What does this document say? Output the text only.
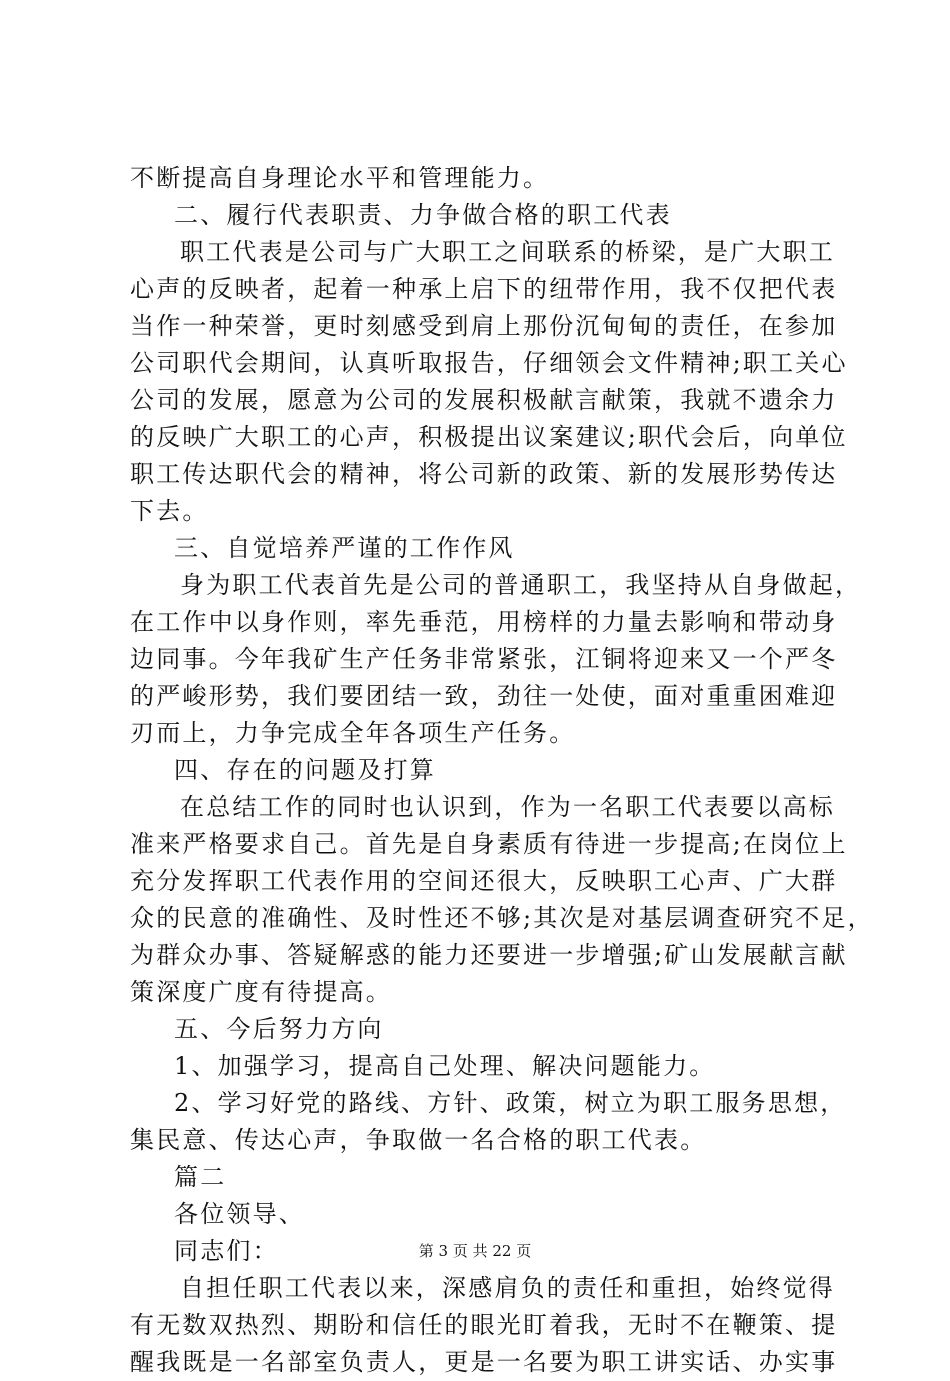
不断提高自身理论水平和管理能力。
二、履行代表职责、力争做合格的职工代表
职工代表是公司与广大职工之间联系的桥梁，是广大职工
心声的反映者，起着一种承上启下的纽带作用，我不仅把代表
当作一种荣誉，更时刻感受到肩上那份沉甸甸的责任，在参加
公司职代会期间，认真听取报告，仔细领会文件精神;职工关心
公司的发展，愿意为公司的发展积极献言献策，我就不遗余力
的反映广大职工的心声，积极提出议案建议;职代会后，向单位
职工传达职代会的精神，将公司新的政策、新的发展形势传达
下去。
三、自觉培养严谨的工作作风
身为职工代表首先是公司的普通职工，我坚持从自身做起，
在工作中以身作则，率先垂范，用榜样的力量去影响和带动身
边同事。今年我矿生产任务非常紧张，江铜将迎来又一个严冬
的严峻形势，我们要团结一致，劲往一处使，面对重重困难迎
刃而上，力争完成全年各项生产任务。
四、存在的问题及打算
在总结工作的同时也认识到，作为一名职工代表要以高标
准来严格要求自己。首先是自身素质有待进一步提高;在岗位上
充分发挥职工代表作用的空间还很大，反映职工心声、广大群
众的民意的准确性、及时性还不够;其次是对基层调查研究不足，
为群众办事、答疑解惑的能力还要进一步增强;矿山发展献言献
策深度广度有待提高。
五、今后努力方向
1、加强学习，提高自己处理、解决问题能力。
2、学习好党的路线、方针、政策，树立为职工服务思想，
集民意、传达心声，争取做一名合格的职工代表。
篇二
各位领导、
同志们：
自担任职工代表以来，深感肩负的责任和重担，始终觉得
有无数双热烈、期盼和信任的眼光盯着我，无时不在鞭策、提
醒我既是一名部室负责人，更是一名要为职工讲实话、办实事
第 3 页 共 22 页
